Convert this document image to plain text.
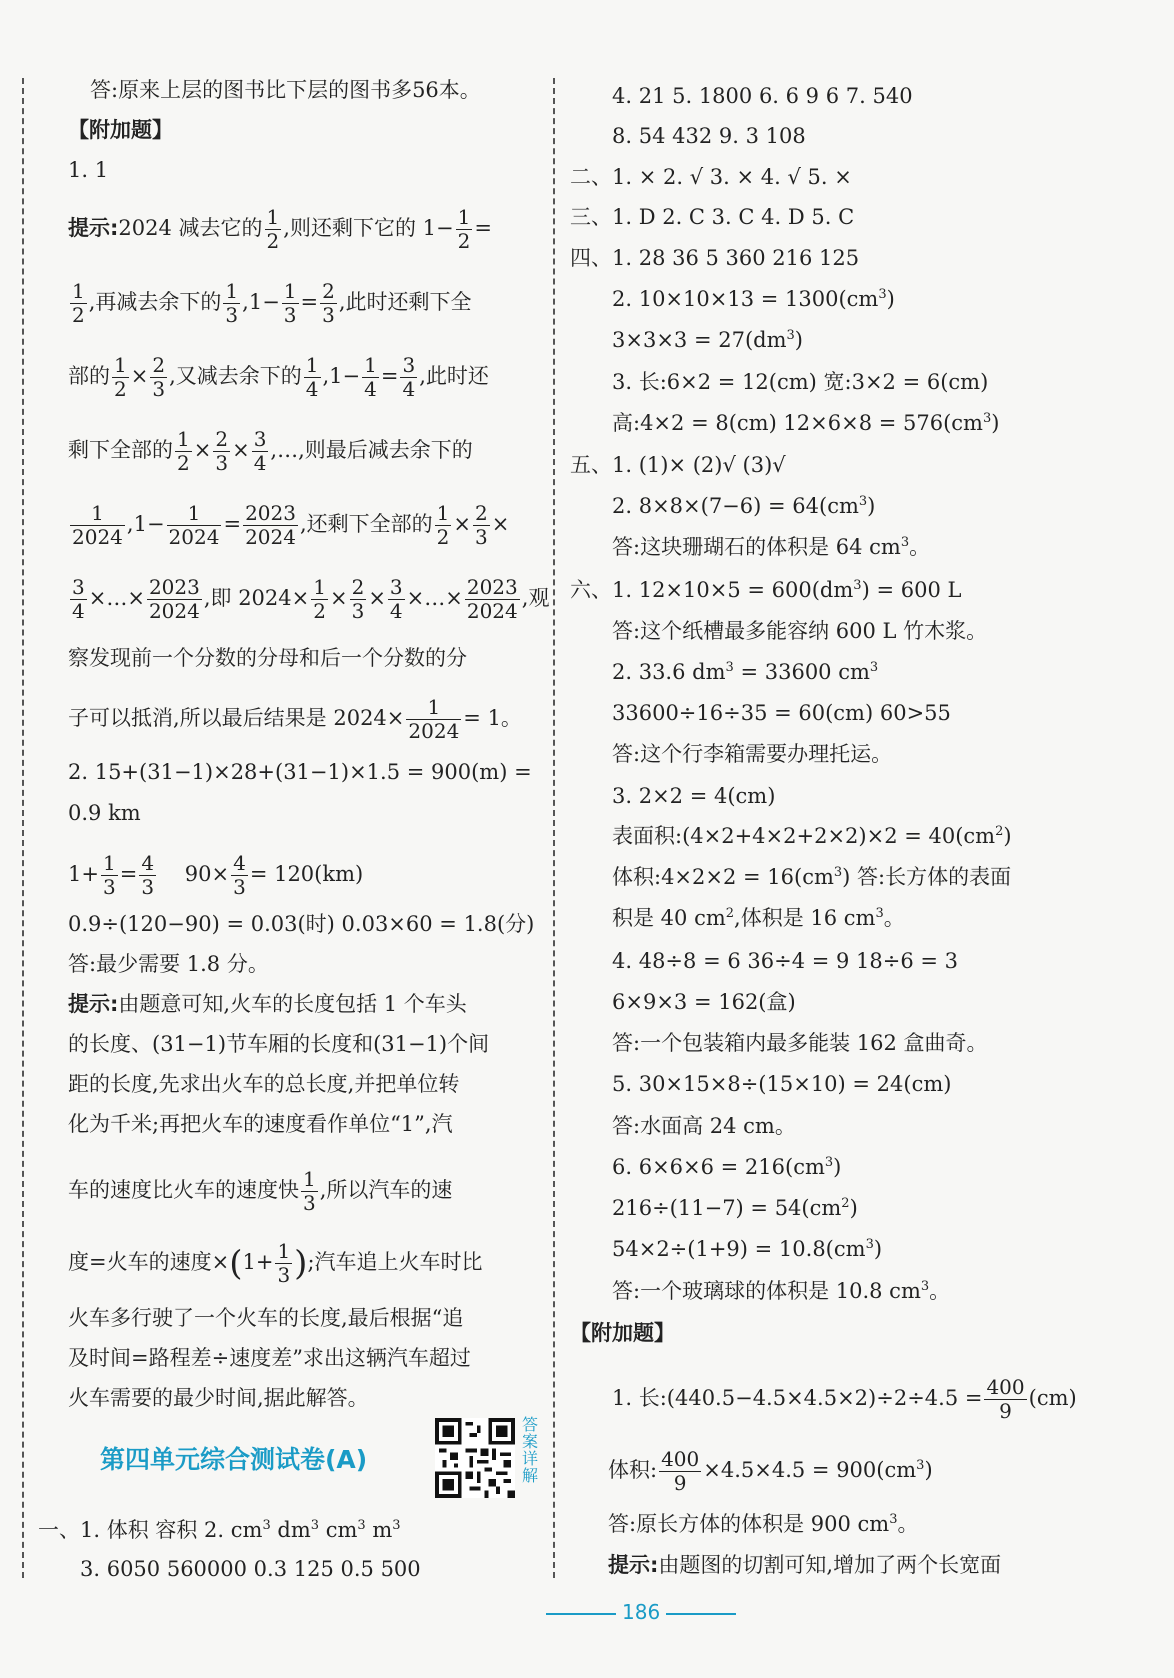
答:原来上层的图书比下层的图书多56本。
【附加题】
1. 1
提示:2024 减去它的 $\frac{1}{2}$ ,则还剩下它的 $1- \frac{1}{2}$ =
$\frac{1}{2}$ ,再减去余下的 $\frac{1}{3} ,1- \frac{1}{3} = \frac{2}{3}$ ,此时还剩下全
部的 $\frac{1}{2} \times \frac{2}{3}$ ,又减去余下的 $\frac{1}{4} ,1- \frac{1}{4} = \frac{3}{4}$ ,此时还
剩下全部的 $\frac{1}{2} \times \frac{2}{3} \times \frac{3}{4}$ ,…,则最后减去余下的
$\frac{1}{2024} ,1- \frac{1}{2024} = \frac{2023}{2024}$ ,还剩下全部的 $\frac{1}{2} \times \frac{2}{3}$ ×
$\frac{3}{4}$ ×…× $\frac{2023}{2024}$ ,即 $2024\times \frac{1}{2} \times \frac{2}{3} \times \frac{3}{4}$ ×…× $\frac{2023}{2024}$ ,观
察发现前一个分数的分母和后一个分数的分
子可以抵消,所以最后结果是 $2024\times \frac{1}{2024} = 1$。
2. 15+(31−1)×28+(31−1)×1.5 = 900(m) =
0.9 km
$1+ \frac{1}{3} = \frac{4}{3} 90\times \frac{4}{3} = 120(km)$
0.9÷(120−90) = 0.03(时) 0.03×60 = 1.8(分)
答:最少需要 1.8 分。
提示:由题意可知,火车的长度包括 1 个车头
的长度、(31−1)节车厢的长度和(31−1)个间
距的长度,先求出火车的总长度,并把单位转
化为千米;再把火车的速度看作单位“1”,汽
车的速度比火车的速度快 $\frac{1}{3}$ ,所以汽车的速
度=火车的速度$\times(1+ \frac{1}{3}$ );汽车追上火车时比
火车多行驶了一个火车的长度,最后根据“追
及时间=路程差÷速度差”求出这辆汽车超过
火车需要的最少时间,据此解答。
第四单元综合测试卷(A)
答案详解
一、1. 体积 容积 2. $cm^3$ $dm^3$ $cm^3$ $m^3$
3. 6050 560000 0.3 125 0.5 500
4. 21 5. 1800 6. 6 9 6 7. 540
8. 54 432 9. 3 108
二、1. × 2. √ 3. × 4. √ 5. ×
三、1. D 2. C 3. C 4. D 5. C
四、1. 28 36 5 360 216 125
2. $10\times 10\times 13 = 1300(cm^3)$
$3\times 3\times 3 = 27(dm^3)$
3. 长:6×2 = 12(cm) 宽:3×2 = 6(cm)
高:4×2 = 8(cm) $12\times 6\times 8 = 576(cm^3)$
五、1. (1)× (2)√ (3)√
2. $8\times 8\times(7-6) = 64(cm^3)$
答:这块珊瑚石的体积是 64 $cm^3$。
六、1. $12\times 10\times 5 = 600(dm^3) = 600$ L
答:这个纸槽最多能容纳 600 L 竹木浆。
2. 33.6 $dm^3 = 33600$ $cm^3$
33600÷16÷35 = 60(cm) 60>55
答:这个行李箱需要办理托运。
3. 2×2 = 4(cm)
表面积:(4×2+4×2+2×2)×2 = $40(cm^2)$
体积:4×2×2 = $16(cm^3)$ 答:长方体的表面
积是 40 $cm^2$,体积是 16 $cm^3$。
4. 48÷8 = 6 36÷4 = 9 18÷6 = 3
6×9×3 = 162(盒)
答:一个包装箱内最多能装 162 盒曲奇。
5. 30×15×8÷(15×10) = 24(cm)
答:水面高 24 cm。
6. $6\times 6\times 6 = 216(cm^3)$
$216\div(11-7) = 54(cm^2)$
$54\times 2\div(1+9) = 10.8(cm^3)$
答:一个玻璃球的体积是 10.8 $cm^3$。
【附加题】
1. 长:(440.5−4.5×4.5×2)÷2÷4.5 = $\frac{400}{9} (cm)$
体积: $\frac{400}{9} \times 4.5\times 4.5 = 900(cm^3)$
答:原长方体的体积是 900 $cm^3$。
提示:由题图的切割可知,增加了两个长宽面
186
